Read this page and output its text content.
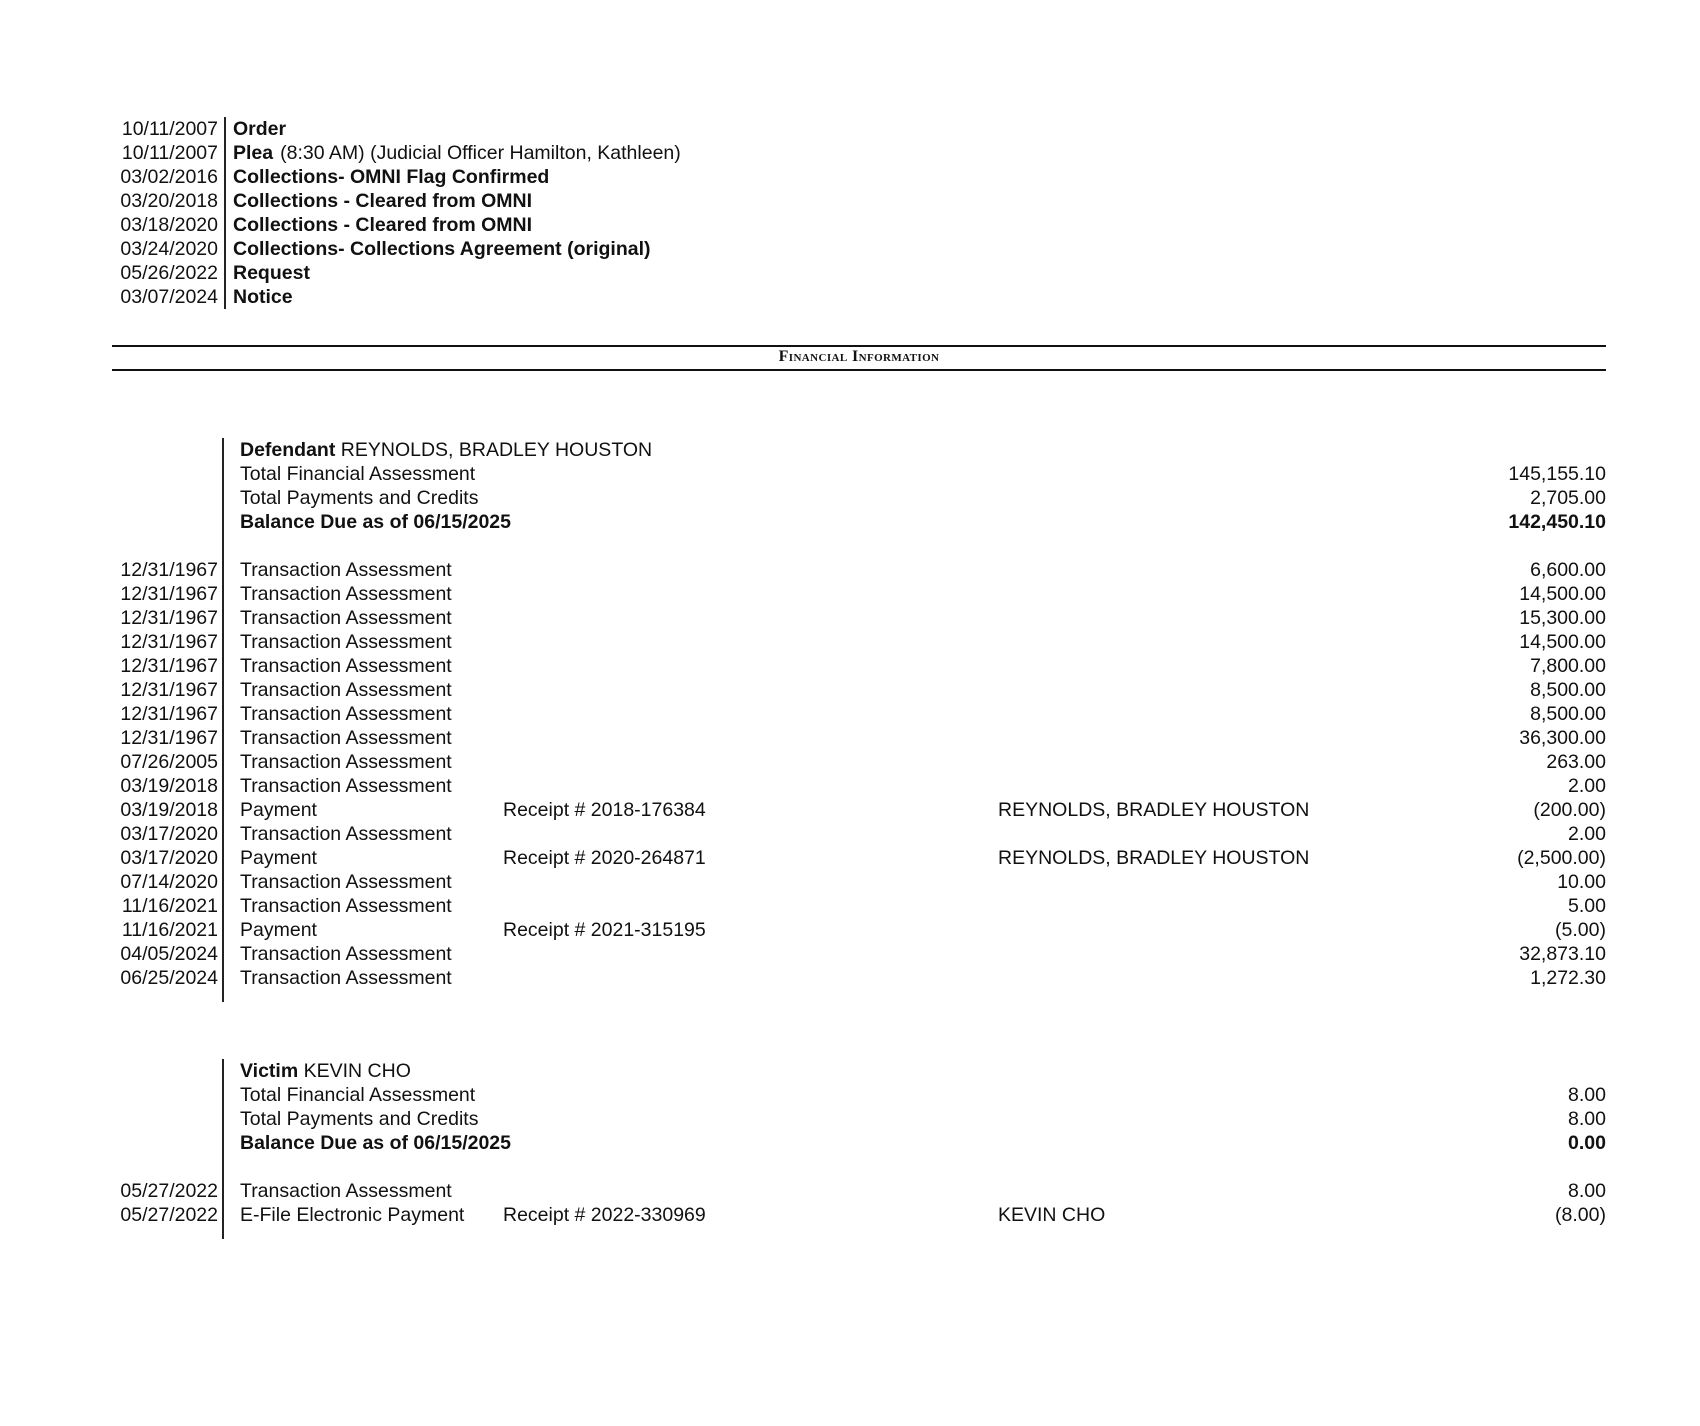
10/11/2007 Order
10/11/2007 Plea (8:30 AM) (Judicial Officer Hamilton, Kathleen)
03/02/2016 Collections- OMNI Flag Confirmed
03/20/2018 Collections - Cleared from OMNI
03/18/2020 Collections - Cleared from OMNI
03/24/2020 Collections- Collections Agreement (original)
05/26/2022 Request
03/07/2024 Notice
Financial Information
Defendant REYNOLDS, BRADLEY HOUSTON
Total Financial Assessment	145,155.10
Total Payments and Credits	2,705.00
Balance Due as of 06/15/2025	142,450.10
12/31/1967	Transaction Assessment	6,600.00
12/31/1967	Transaction Assessment	14,500.00
12/31/1967	Transaction Assessment	15,300.00
12/31/1967	Transaction Assessment	14,500.00
12/31/1967	Transaction Assessment	7,800.00
12/31/1967	Transaction Assessment	8,500.00
12/31/1967	Transaction Assessment	8,500.00
12/31/1967	Transaction Assessment	36,300.00
07/26/2005	Transaction Assessment	263.00
03/19/2018	Transaction Assessment	2.00
03/19/2018	Payment	Receipt # 2018-176384	REYNOLDS, BRADLEY HOUSTON	(200.00)
03/17/2020	Transaction Assessment	2.00
03/17/2020	Payment	Receipt # 2020-264871	REYNOLDS, BRADLEY HOUSTON	(2,500.00)
07/14/2020	Transaction Assessment	10.00
11/16/2021	Transaction Assessment	5.00
11/16/2021	Payment	Receipt # 2021-315195	(5.00)
04/05/2024	Transaction Assessment	32,873.10
06/25/2024	Transaction Assessment	1,272.30
Victim KEVIN CHO
Total Financial Assessment	8.00
Total Payments and Credits	8.00
Balance Due as of 06/15/2025	0.00
05/27/2022	Transaction Assessment	8.00
05/27/2022	E-File Electronic Payment	Receipt # 2022-330969	KEVIN CHO	(8.00)
